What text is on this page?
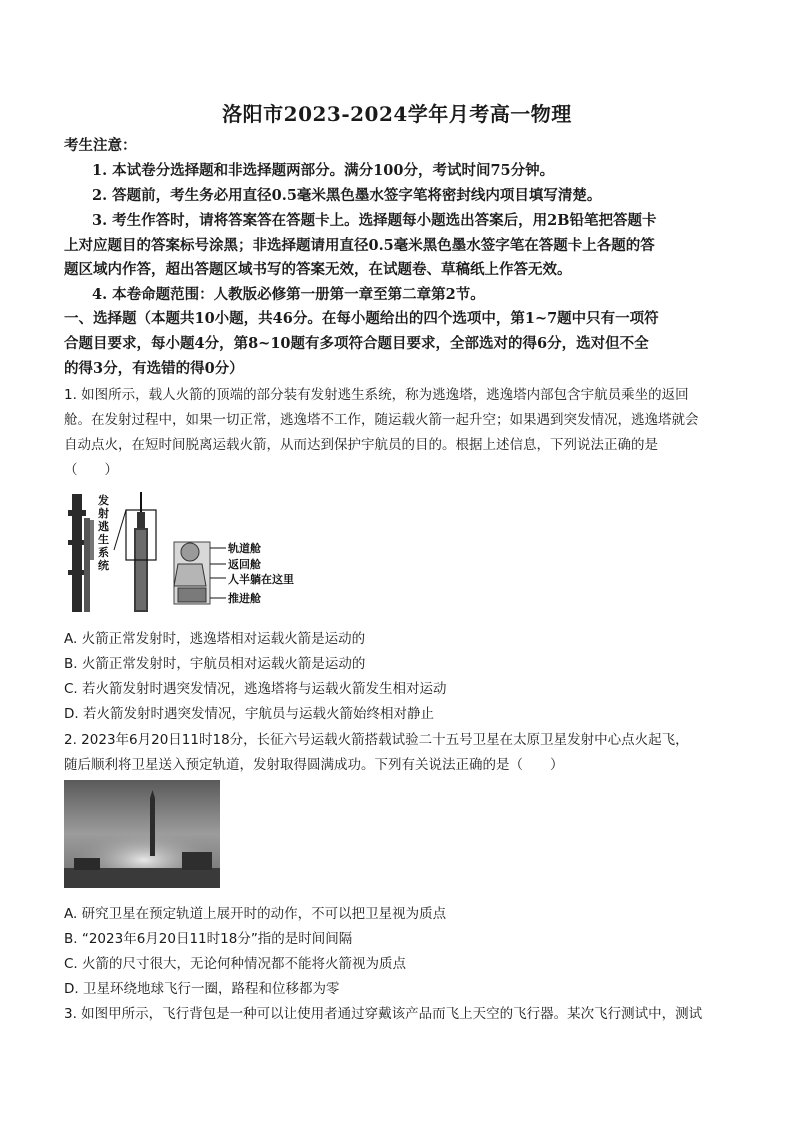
洛阳市2023-2024学年月考高一物理
考生注意：
1. 本试卷分选择题和非选择题两部分。满分100分，考试时间75分钟。
2. 答题前，考生务必用直径0.5毫米黑色墨水签字笔将密封线内项目填写清楚。
3. 考生作答时，请将答案答在答题卡上。选择题每小题选出答案后，用2B铅笔把答题卡
上对应题目的答案标号涂黑；非选择题请用直径0.5毫米黑色墨水签字笔在答题卡上各题的答
题区域内作答，超出答题区域书写的答案无效，在试题卷、草稿纸上作答无效。
4. 本卷命题范围：人教版必修第一册第一章至第二章第2节。
一、选择题（本题共10小题，共46分。在每小题给出的四个选项中，第1~7题中只有一项符
合题目要求，每小题4分，第8~10题有多项符合题目要求，全部选对的得6分，选对但不全
的得3分，有选错的得0分）
1. 如图所示，载人火箭的顶端的部分装有发射逃生系统，称为逃逸塔，逃逸塔内部包含宇航员乘坐的返回
舱。在发射过程中，如果一切正常，逃逸塔不工作，随运载火箭一起升空；如果遇到突发情况，逃逸塔就会
自动点火，在短时间脱离运载火箭，从而达到保护宇航员的目的。根据上述信息，下列说法正确的是
（　　）
发
射
逃
生
系
统
轨道舱
返回舱
人半躺在这里
推进舱
A. 火箭正常发射时，逃逸塔相对运载火箭是运动的
B. 火箭正常发射时，宇航员相对运载火箭是运动的
C. 若火箭发射时遇突发情况，逃逸塔将与运载火箭发生相对运动
D. 若火箭发射时遇突发情况，宇航员与运载火箭始终相对静止
2. 2023年6月20日11时18分，长征六号运载火箭搭载试验二十五号卫星在太原卫星发射中心点火起飞，
随后顺利将卫星送入预定轨道，发射取得圆满成功。下列有关说法正确的是（　　）
A. 研究卫星在预定轨道上展开时的动作，不可以把卫星视为质点
B. “2023年6月20日11时18分”指的是时间间隔
C. 火箭的尺寸很大，无论何种情况都不能将火箭视为质点
D. 卫星环绕地球飞行一圈，路程和位移都为零
3. 如图甲所示，飞行背包是一种可以让使用者通过穿戴该产品而飞上天空的飞行器。某次飞行测试中，测试
